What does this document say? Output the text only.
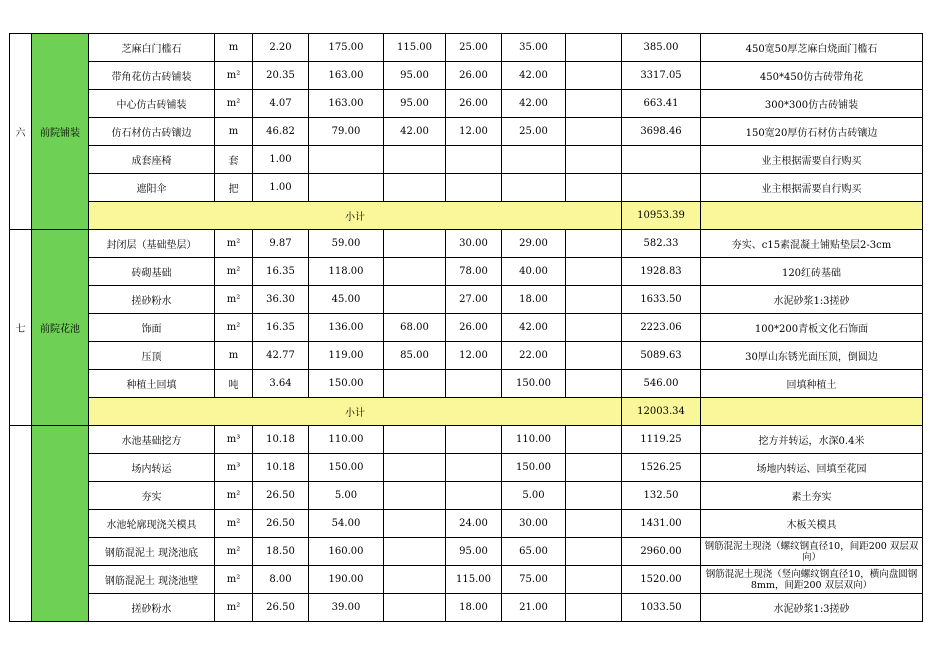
六	前院铺装	芝麻白门槛石	m	2.20	175.00	115.00	25.00	35.00		385.00	450宽50厚芝麻白烧面门槛石
		带角花仿古砖铺装	m²	20.35	163.00	95.00	26.00	42.00		3317.05	450*450仿古砖带角花
		中心仿古砖铺装	m²	4.07	163.00	95.00	26.00	42.00		663.41	300*300仿古砖铺装
		仿石材仿古砖镶边	m	46.82	79.00	42.00	12.00	25.00		3698.46	150宽20厚仿石材仿古砖镶边
		成套座椅	套	1.00							业主根据需要自行购买
		遮阳伞	把	1.00							业主根据需要自行购买
		小计								10953.39	
七	前院花池	封闭层（基础垫层）	m²	9.87	59.00		30.00	29.00		582.33	夯实、c15素混凝土铺贴垫层2-3cm
		砖砌基础	m²	16.35	118.00		78.00	40.00		1928.83	120红砖基础
		搓砂粉水	m²	36.30	45.00		27.00	18.00		1633.50	水泥砂浆1:3搓砂
		饰面	m²	16.35	136.00	68.00	26.00	42.00		2223.06	100*200青板文化石饰面
		压顶	m	42.77	119.00	85.00	12.00	22.00		5089.63	30厚山东锈光面压顶，倒圆边
		种植土回填	吨	3.64	150.00			150.00		546.00	回填种植土
		小计								12003.34	
		水池基础挖方	m³	10.18	110.00			110.00		1119.25	挖方并转运，水深0.4米
		场内转运	m³	10.18	150.00			150.00		1526.25	场地内转运、回填至花园
		夯实	m²	26.50	5.00			5.00		132.50	素土夯实
		水池轮廓现浇关模具	m²	26.50	54.00		24.00	30.00		1431.00	木板关模具
		钢筋混泥土 现浇池底	m²	18.50	160.00		95.00	65.00		2960.00	钢筋混泥土现浇（螺纹钢直径10，间距200 双层双向）
		钢筋混泥土 现浇池壁	m²	8.00	190.00		115.00	75.00		1520.00	钢筋混泥土现浇（竖向螺纹钢直径10，横向盘圆钢8mm，间距200 双层双向）
		搓砂粉水	m²	26.50	39.00		18.00	21.00		1033.50	水泥砂浆1:3搓砂
